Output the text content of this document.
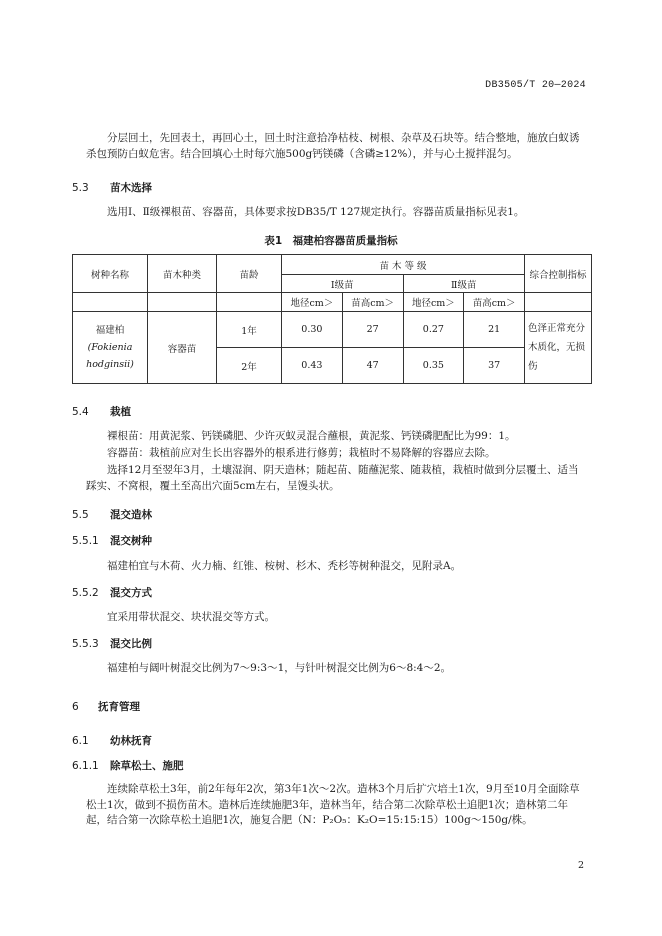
DB3505/T 20—2024

分层回土，先回表土，再回心土，回土时注意拾净枯枝、树根、杂草及石块等。结合整地，施放白蚁诱杀包预防白蚁危害。结合回填心土时每穴施500g钙镁磷（含磷≥12%），并与心土搅拌混匀。

5.3 苗木选择

选用Ⅰ、Ⅱ级裸根苗、容器苗，具体要求按DB35/T 127规定执行。容器苗质量指标见表1。

表1　福建柏容器苗质量指标
树种名称	苗木种类	苗龄	苗 木 等 级				综合控制指标
			Ⅰ级苗		Ⅱ级苗		
			地径cm＞	苗高cm＞	地径cm＞	苗高cm＞	

福建柏
(Fokienia
hodginsii)	容器苗	1年	0.30	27	0.27	21	色泽正常充分木质化，无损伤
		2年	0.43	47	0.35	37	
5.4 栽植

裸根苗：用黄泥浆、钙镁磷肥、少许灭蚁灵混合蘸根，黄泥浆、钙镁磷肥配比为99：1。

容器苗：栽植前应对生长出容器外的根系进行修剪；栽植时不易降解的容器应去除。

选择12月至翌年3月，土壤湿润、阴天造林；随起苗、随蘸泥浆、随栽植，栽植时做到分层覆土、适当踩实、不窝根，覆土至高出穴面5cm左右，呈馒头状。

5.5 混交造林
5.5.1 混交树种

福建柏宜与木荷、火力楠、红锥、桉树、杉木、秃杉等树种混交，见附录A。

5.5.2 混交方式

宜采用带状混交、块状混交等方式。

5.5.3 混交比例

福建柏与阔叶树混交比例为7～9:3～1，与针叶树混交比例为6～8:4～2。

6 抚育管理
6.1 幼林抚育
6.1.1 除草松土、施肥

连续除草松土3年，前2年每年2次，第3年1次～2次。造林3个月后扩穴培土1次，9月至10月全面除草松土1次，做到不损伤苗木。造林后连续施肥3年，造林当年，结合第二次除草松土追肥1次；造林第二年起，结合第一次除草松土追肥1次，施复合肥（N：P₂O₅：K₂O=15:15:15）100g～150g/株。

2
